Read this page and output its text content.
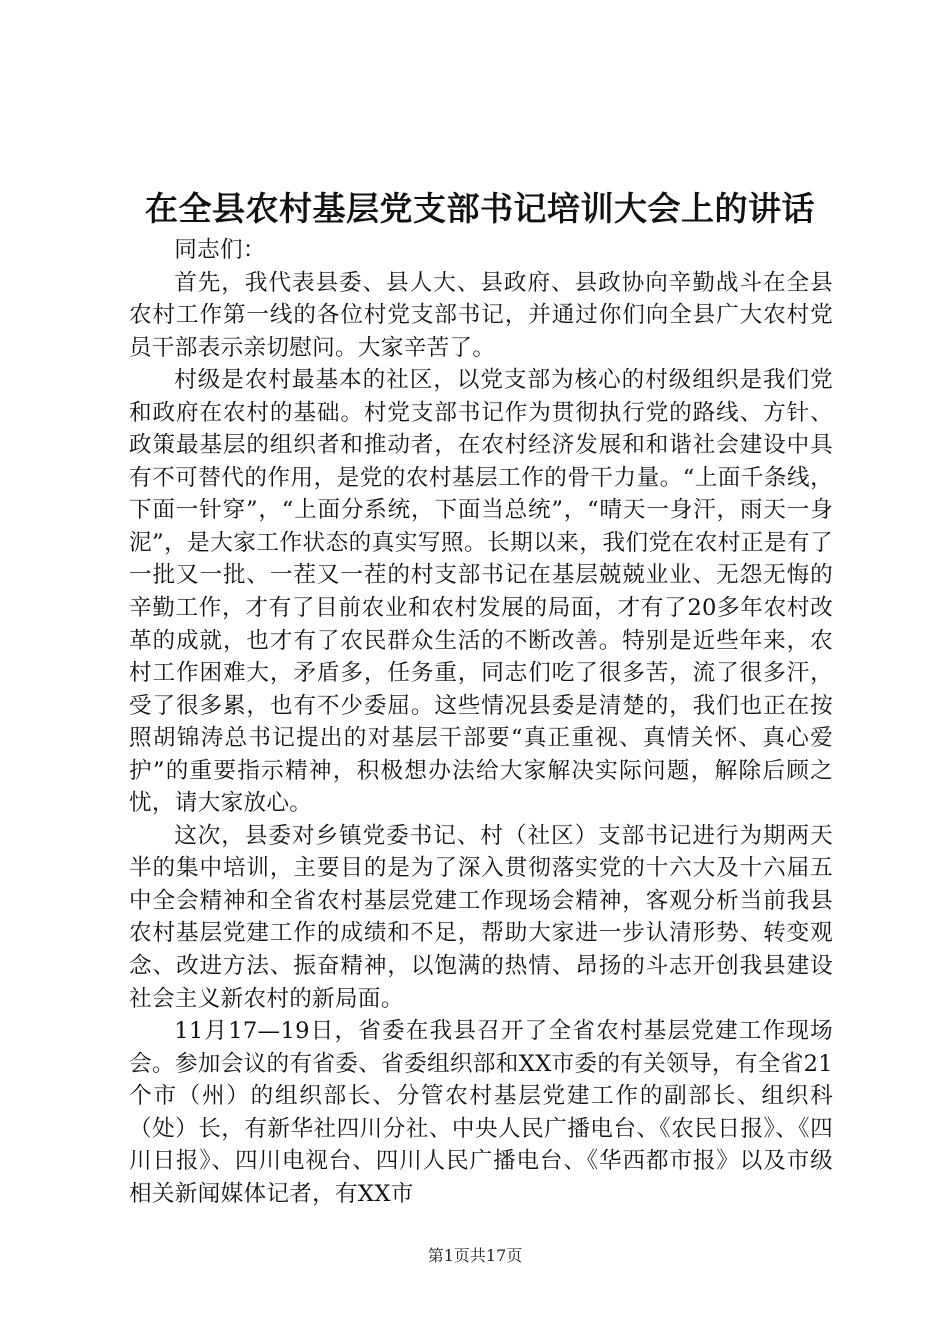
在全县农村基层党支部书记培训大会上的讲话

同志们：

首先，我代表县委、县人大、县政府、县政协向辛勤战斗在全县农村工作第一线的各位村党支部书记，并通过你们向全县广大农村党员干部表示亲切慰问。大家辛苦了。

村级是农村最基本的社区，以党支部为核心的村级组织是我们党和政府在农村的基础。村党支部书记作为贯彻执行党的路线、方针、政策最基层的组织者和推动者，在农村经济发展和和谐社会建设中具有不可替代的作用，是党的农村基层工作的骨干力量。“上面千条线，下面一针穿”，“上面分系统，下面当总统”，“晴天一身汗，雨天一身泥”，是大家工作状态的真实写照。长期以来，我们党在农村正是有了一批又一批、一茬又一茬的村支部书记在基层兢兢业业、无怨无悔的辛勤工作，才有了目前农业和农村发展的局面，才有了20多年农村改革的成就，也才有了农民群众生活的不断改善。特别是近些年来，农村工作困难大，矛盾多，任务重，同志们吃了很多苦，流了很多汗，受了很多累，也有不少委屈。这些情况县委是清楚的，我们也正在按照胡锦涛总书记提出的对基层干部要“真正重视、真情关怀、真心爱护”的重要指示精神，积极想办法给大家解决实际问题，解除后顾之忧，请大家放心。

这次，县委对乡镇党委书记、村（社区）支部书记进行为期两天半的集中培训，主要目的是为了深入贯彻落实党的十六大及十六届五中全会精神和全省农村基层党建工作现场会精神，客观分析当前我县农村基层党建工作的成绩和不足，帮助大家进一步认清形势、转变观念、改进方法、振奋精神，以饱满的热情、昂扬的斗志开创我县建设社会主义新农村的新局面。

11月17—19日，省委在我县召开了全省农村基层党建工作现场会。参加会议的有省委、省委组织部和XX市委的有关领导，有全省21个市（州）的组织部长、分管农村基层党建工作的副部长、组织科（处）长，有新华社四川分社、中央人民广播电台、《农民日报》、《四川日报》、四川电视台、四川人民广播电台、《华西都市报》以及市级相关新闻媒体记者，有XX市

第1页共17页
